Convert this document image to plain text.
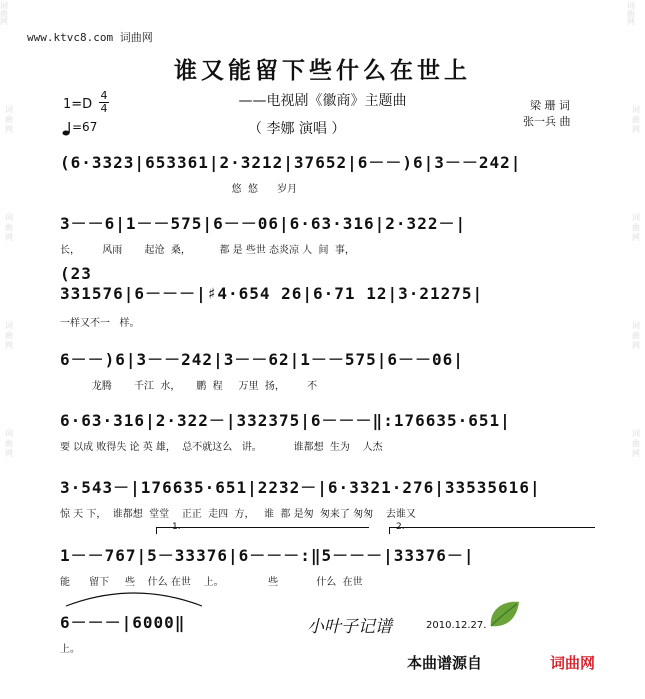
词 曲 网
词
曲
网
词
曲
网
词
曲
网
词
曲
网
词 曲 网
词
曲
网
词
曲
网
词
曲
网
词
曲
网
www.ktvc8.com 词曲网
谁又能留下些什么在世上
——电视剧《徽商》主题曲
（ 李娜 演唱 ）
梁 珊 词
张一兵 曲
1=D
4
4
=67
(6·3323|653361|2·3212|37652|6－－)6|3－－242|
悠  悠      岁月
3－－6|1－－575|6－－06|6·63·316|2·322－|
长，       风雨       起沧  桑，         都 是 些世 态炎凉 人  间  事，
(23
331576|6－－－|♯4·654 26|6·71 12|3·21275|
一样又不一   样。
6－－)6|3－－242|3－－62|1－－575|6－－06|
龙腾       千江  水，     鹏  程     万里  扬，       不
6·63·316|2·322－|332375|6－－－‖:176635·651|
要 以成 败得失 论 英 雄，  总不就这么   讲。          谁都想  生为    人杰
3·543－|176635·651|2232－|6·3321·276|33535616|
惊 天 下，  谁都想  堂堂    正正  走四  方，   谁  都 是匆  匆来了 匆匆    去谁又
1.	2.
1－－767|5－33376|6－－－:‖5－－－|33376－|
能      留下     些    什么 在世    上。              些            什么  在世
6－－－|6000‖
上。
小叶子记谱	2010.12.27.
本曲谱源自	词曲网
